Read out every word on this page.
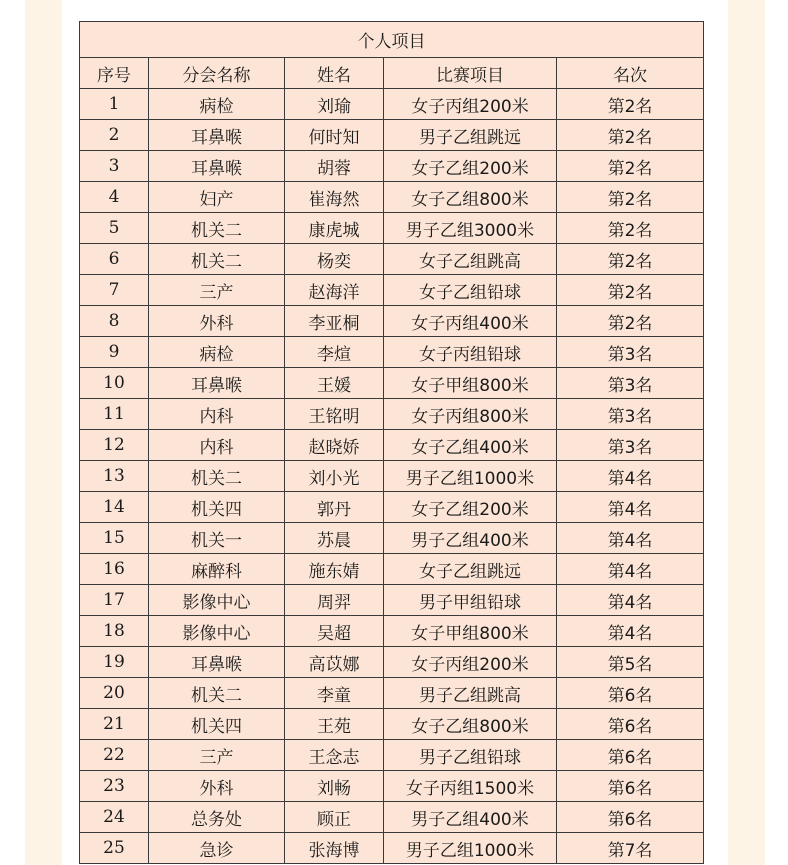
个人项目				
序号	分会名称	姓名	比赛项目	名次
1	病检	刘瑜	女子丙组200米	第2名
2	耳鼻喉	何时知	男子乙组跳远	第2名
3	耳鼻喉	胡蓉	女子乙组200米	第2名
4	妇产	崔海然	女子乙组800米	第2名
5	机关二	康虎城	男子乙组3000米	第2名
6	机关二	杨奕	女子乙组跳高	第2名
7	三产	赵海洋	女子乙组铅球	第2名
8	外科	李亚桐	女子丙组400米	第2名
9	病检	李煊	女子丙组铅球	第3名
10	耳鼻喉	王媛	女子甲组800米	第3名
11	内科	王铭明	女子丙组800米	第3名
12	内科	赵晓娇	女子乙组400米	第3名
13	机关二	刘小光	男子乙组1000米	第4名
14	机关四	郭丹	女子乙组200米	第4名
15	机关一	苏晨	男子乙组400米	第4名
16	麻醉科	施东婧	女子乙组跳远	第4名
17	影像中心	周羿	男子甲组铅球	第4名
18	影像中心	吴超	女子甲组800米	第4名
19	耳鼻喉	高苡娜	女子丙组200米	第5名
20	机关二	李童	男子乙组跳高	第6名
21	机关四	王苑	女子乙组800米	第6名
22	三产	王念志	男子乙组铅球	第6名
23	外科	刘畅	女子丙组1500米	第6名
24	总务处	顾正	男子乙组400米	第6名
25	急诊	张海博	男子乙组1000米	第7名
